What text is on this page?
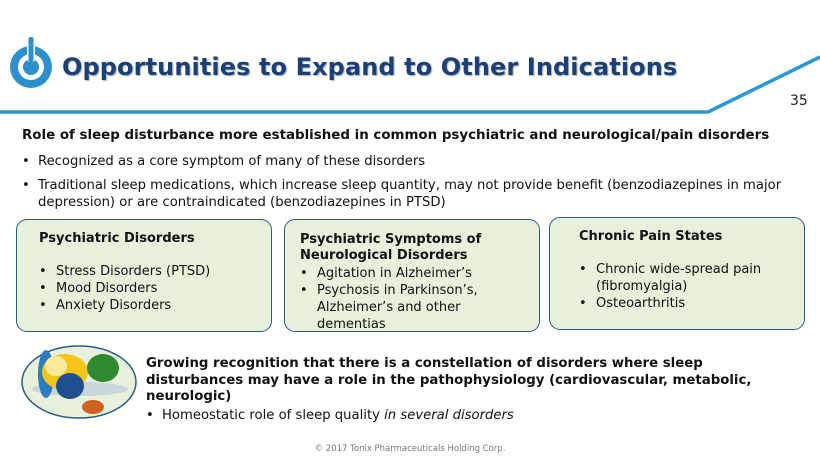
Opportunities to Expand to Other Indications
35
Role of sleep disturbance more established in common psychiatric and neurological/pain disorders
• Recognized as a core symptom of many of these disorders
• Traditional sleep medications, which increase sleep quantity, may not provide benefit (benzodiazepines in major depression) or are contraindicated (benzodiazepines in PTSD)
Psychiatric Disorders
• Stress Disorders (PTSD)
• Mood Disorders
• Anxiety Disorders
Psychiatric Symptoms of Neurological Disorders
• Agitation in Alzheimer’s
• Psychosis in Parkinson’s, Alzheimer’s and other dementias
Chronic Pain States
• Chronic wide-spread pain (fibromyalgia)
• Osteoarthritis
Growing recognition that there is a constellation of disorders where sleep disturbances may have a role in the pathophysiology (cardiovascular, metabolic, neurologic)
• Homeostatic role of sleep quality in several disorders
© 2017 Tonix Pharmaceuticals Holding Corp.
